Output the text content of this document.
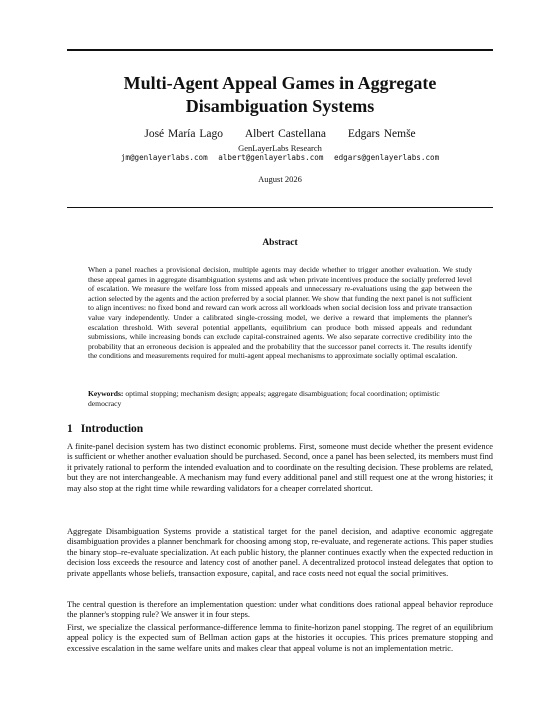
Multi-Agent Appeal Games in Aggregate Disambiguation Systems
José María Lago Albert Castellana Edgars Nemše
GenLayerLabs Research
jm@genlayerlabs.com albert@genlayerlabs.com edgars@genlayerlabs.com
August 2026
Abstract

When a panel reaches a provisional decision, multiple agents may decide whether to trigger another evaluation. We study these appeal games in aggregate disambiguation systems and ask when private incentives produce the socially preferred level of escalation. We measure the welfare loss from missed appeals and unnecessary re-evaluations using the gap between the action selected by the agents and the action preferred by a social planner. We show that funding the next panel is not sufficient to align incentives: no fixed bond and reward can work across all workloads when social decision loss and private transaction value vary independently. Under a calibrated single-crossing model, we derive a reward that implements the planner's escalation threshold. With several potential appellants, equilibrium can produce both missed appeals and redundant submissions, while increasing bonds can exclude capital-constrained agents. We also separate corrective credibility into the probability that an erroneous decision is appealed and the probability that the successor panel corrects it. The results identify the conditions and measurements required for multi-agent appeal mechanisms to approximate socially optimal escalation.

Keywords: optimal stopping; mechanism design; appeals; aggregate disambiguation; focal coordination; optimistic democracy

1 Introduction

A finite-panel decision system has two distinct economic problems. First, someone must decide whether the present evidence is sufficient or whether another evaluation should be purchased. Second, once a panel has been selected, its members must find it privately rational to perform the intended evaluation and to coordinate on the resulting decision. These problems are related, but they are not interchangeable. A mechanism may fund every additional panel and still request one at the wrong histories; it may also stop at the right time while rewarding validators for a cheaper correlated shortcut.

Aggregate Disambiguation Systems provide a statistical target for the panel decision, and adaptive economic aggregate disambiguation provides a planner benchmark for choosing among stop, re-evaluate, and regenerate actions. This paper studies the binary stop–re-evaluate specialization. At each public history, the planner continues exactly when the expected reduction in decision loss exceeds the resource and latency cost of another panel. A decentralized protocol instead delegates that option to private appellants whose beliefs, transaction exposure, capital, and race costs need not equal the social primitives.

The central question is therefore an implementation question: under what conditions does rational appeal behavior reproduce the planner's stopping rule? We answer it in four steps.

First, we specialize the classical performance-difference lemma to finite-horizon panel stopping. The regret of an equilibrium appeal policy is the expected sum of Bellman action gaps at the histories it occupies. This prices premature stopping and excessive escalation in the same welfare units and makes clear that appeal volume is not an implementation metric.
